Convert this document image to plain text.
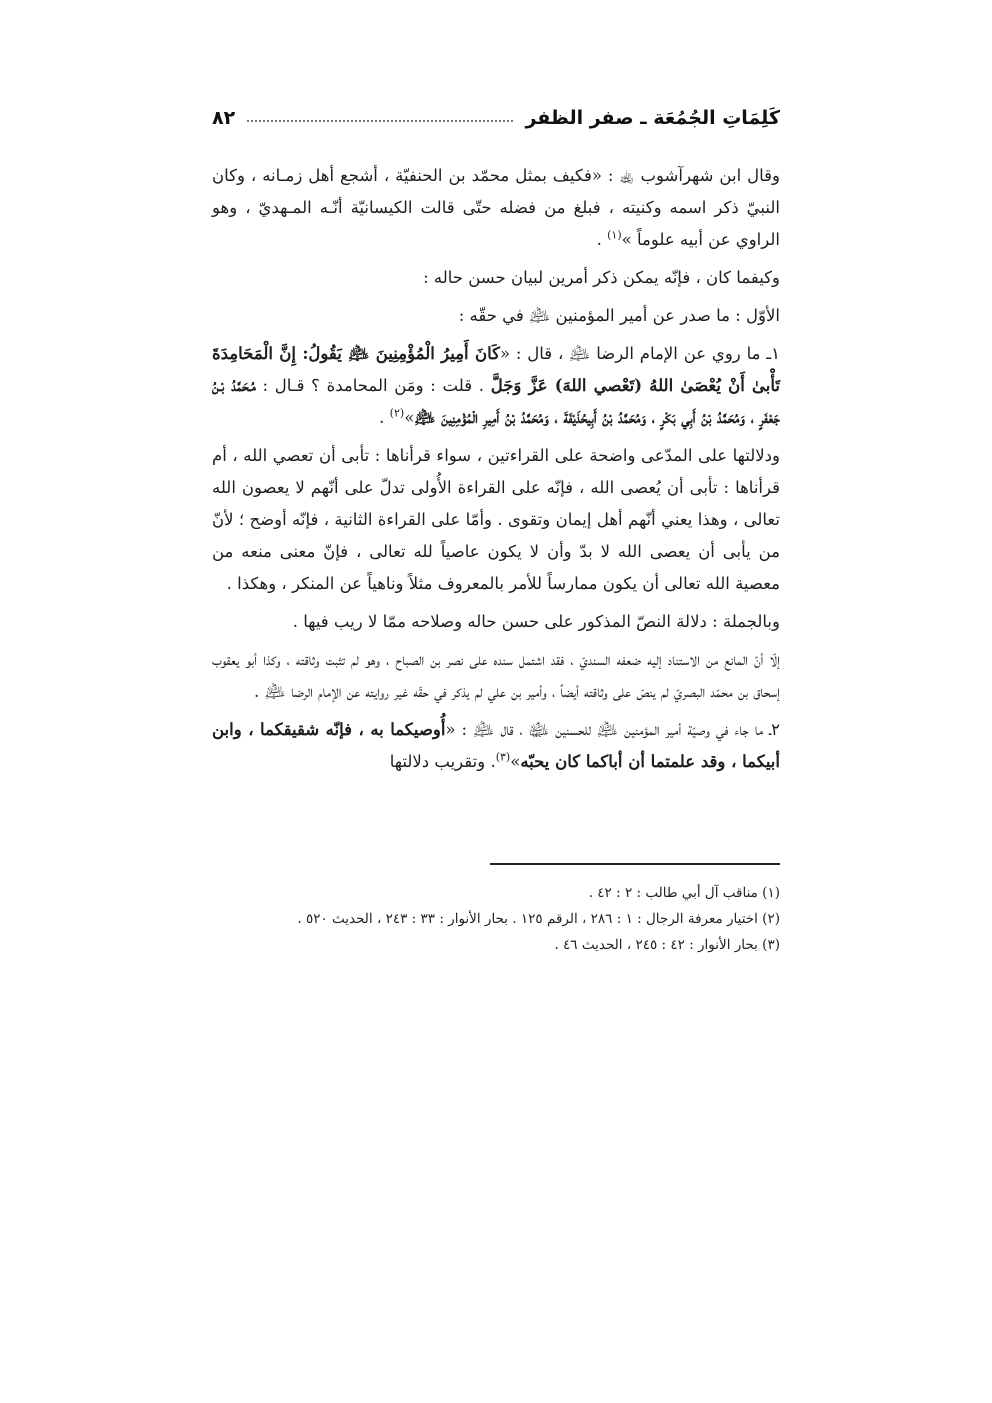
٨٢	كَلِمَاتِ الجُمُعَة ـ صفر الظفر

وقال ابن شهرآشوب ﵀ : «فكيف بمثل محمّد بن الحنفيّة ، أشجع أهل زمـانه ، وكان النبيّ ذكر اسمه وكنيته ، فبلغ من فضله حتّى قالت الكيسانيّة أنّـه المـهديّ ، وهو الراوي عن أبيه علوماً »$^{(١)}$ .

وكيفما كان ، فإنّه يمكن ذكر أمرين لبيان حسن حاله :

الأوّل : ما صدر عن أمير المؤمنين ﵇ في حقّه :

١ـ ما روي عن الإمام الرضا ﵇ ، قال : «كَانَ أَمِيرُ الْمُؤْمِنِينَ ﵇ يَقُولُ: إِنَّ الْمَحَامِدَةَ تَأْبىٰ أَنْ يُعْصَىٰ اللهُ (تَعْصي اللهَ) عَزَّ وَجَلَّ . قلت : ومَن المحامدة ؟ قـال : مُـحَمَّدُ بْـنُ جَعْفَرٍ ، وَمُحَمَّدُ بْنُ أَبِي بَكْرٍ ، وَمُحَمَّدُ بْنُ أَبِيحُذَيْفَةَ ، وَمُحَمَّدُ بْنُ أَمِيرِ الْمُؤْمِنِينَ ﵇»$^{(٢)}$ .

ودلالتها على المدّعى واضحة على القراءتين ، سواء قرأناها : تأبى أن تعصي الله ، أم قرأناها : تأبى أن يُعصى الله ، فإنّه على القراءة الأُولى تدلّ على أنّهم لا يعصون الله تعالى ، وهذا يعني أنّهم أهل إيمان وتقوى . وأمّا على القراءة الثانية ، فإنّه أوضح ؛ لأنّ من يأبى أن يعصى الله لا بدّ وأن لا يكون عاصياً لله تعالى ، فإنّ معنى منعه من معصية الله تعالى أن يكون ممارساً للأمر بالمعروف مثلاً وناهياً عن المنكر ، وهكذا .

وبالجملة : دلالة النصّ المذكور على حسن حاله وصلاحه ممّا لا ريب فيها .

إلّا أنّ المانع من الاستناد إليه ضعفه السنديّ ، فقد اشتمل سنده على نصر بن الصباح ، وهو لم تثبت وثاقته ، وكذا أبو يعقوب إسحاق بن محمّد البصريّ لم ينصّ على وثاقته أيضاً ، وأمير بن علي لم يذكر في حقّه غير روايته عن الإمام الرضا ﵇ .

٢ـ ما جاء في وصيّة أمير المؤمنين ﵇ للحسنين ﵉ ، قال ﵇ : «أُوصيكما به ، فإنّه شقيقكما ، وابن أبيكما ، وقد علمتما أن أباكما كان يحبّه»$^{(٣)}$. وتقريب دلالتها

(١) مناقب آل أبي طالب : ٢ : ٤٢ .

(٢) اختيار معرفة الرجال : ١ : ٢٨٦ ، الرقم ١٢٥ . بحار الأنوار : ٣٣ : ٢٤٣ ، الحديث ٥٢٠ .

(٣) بحار الأنوار : ٤٢ : ٢٤٥ ، الحديث ٤٦ .
